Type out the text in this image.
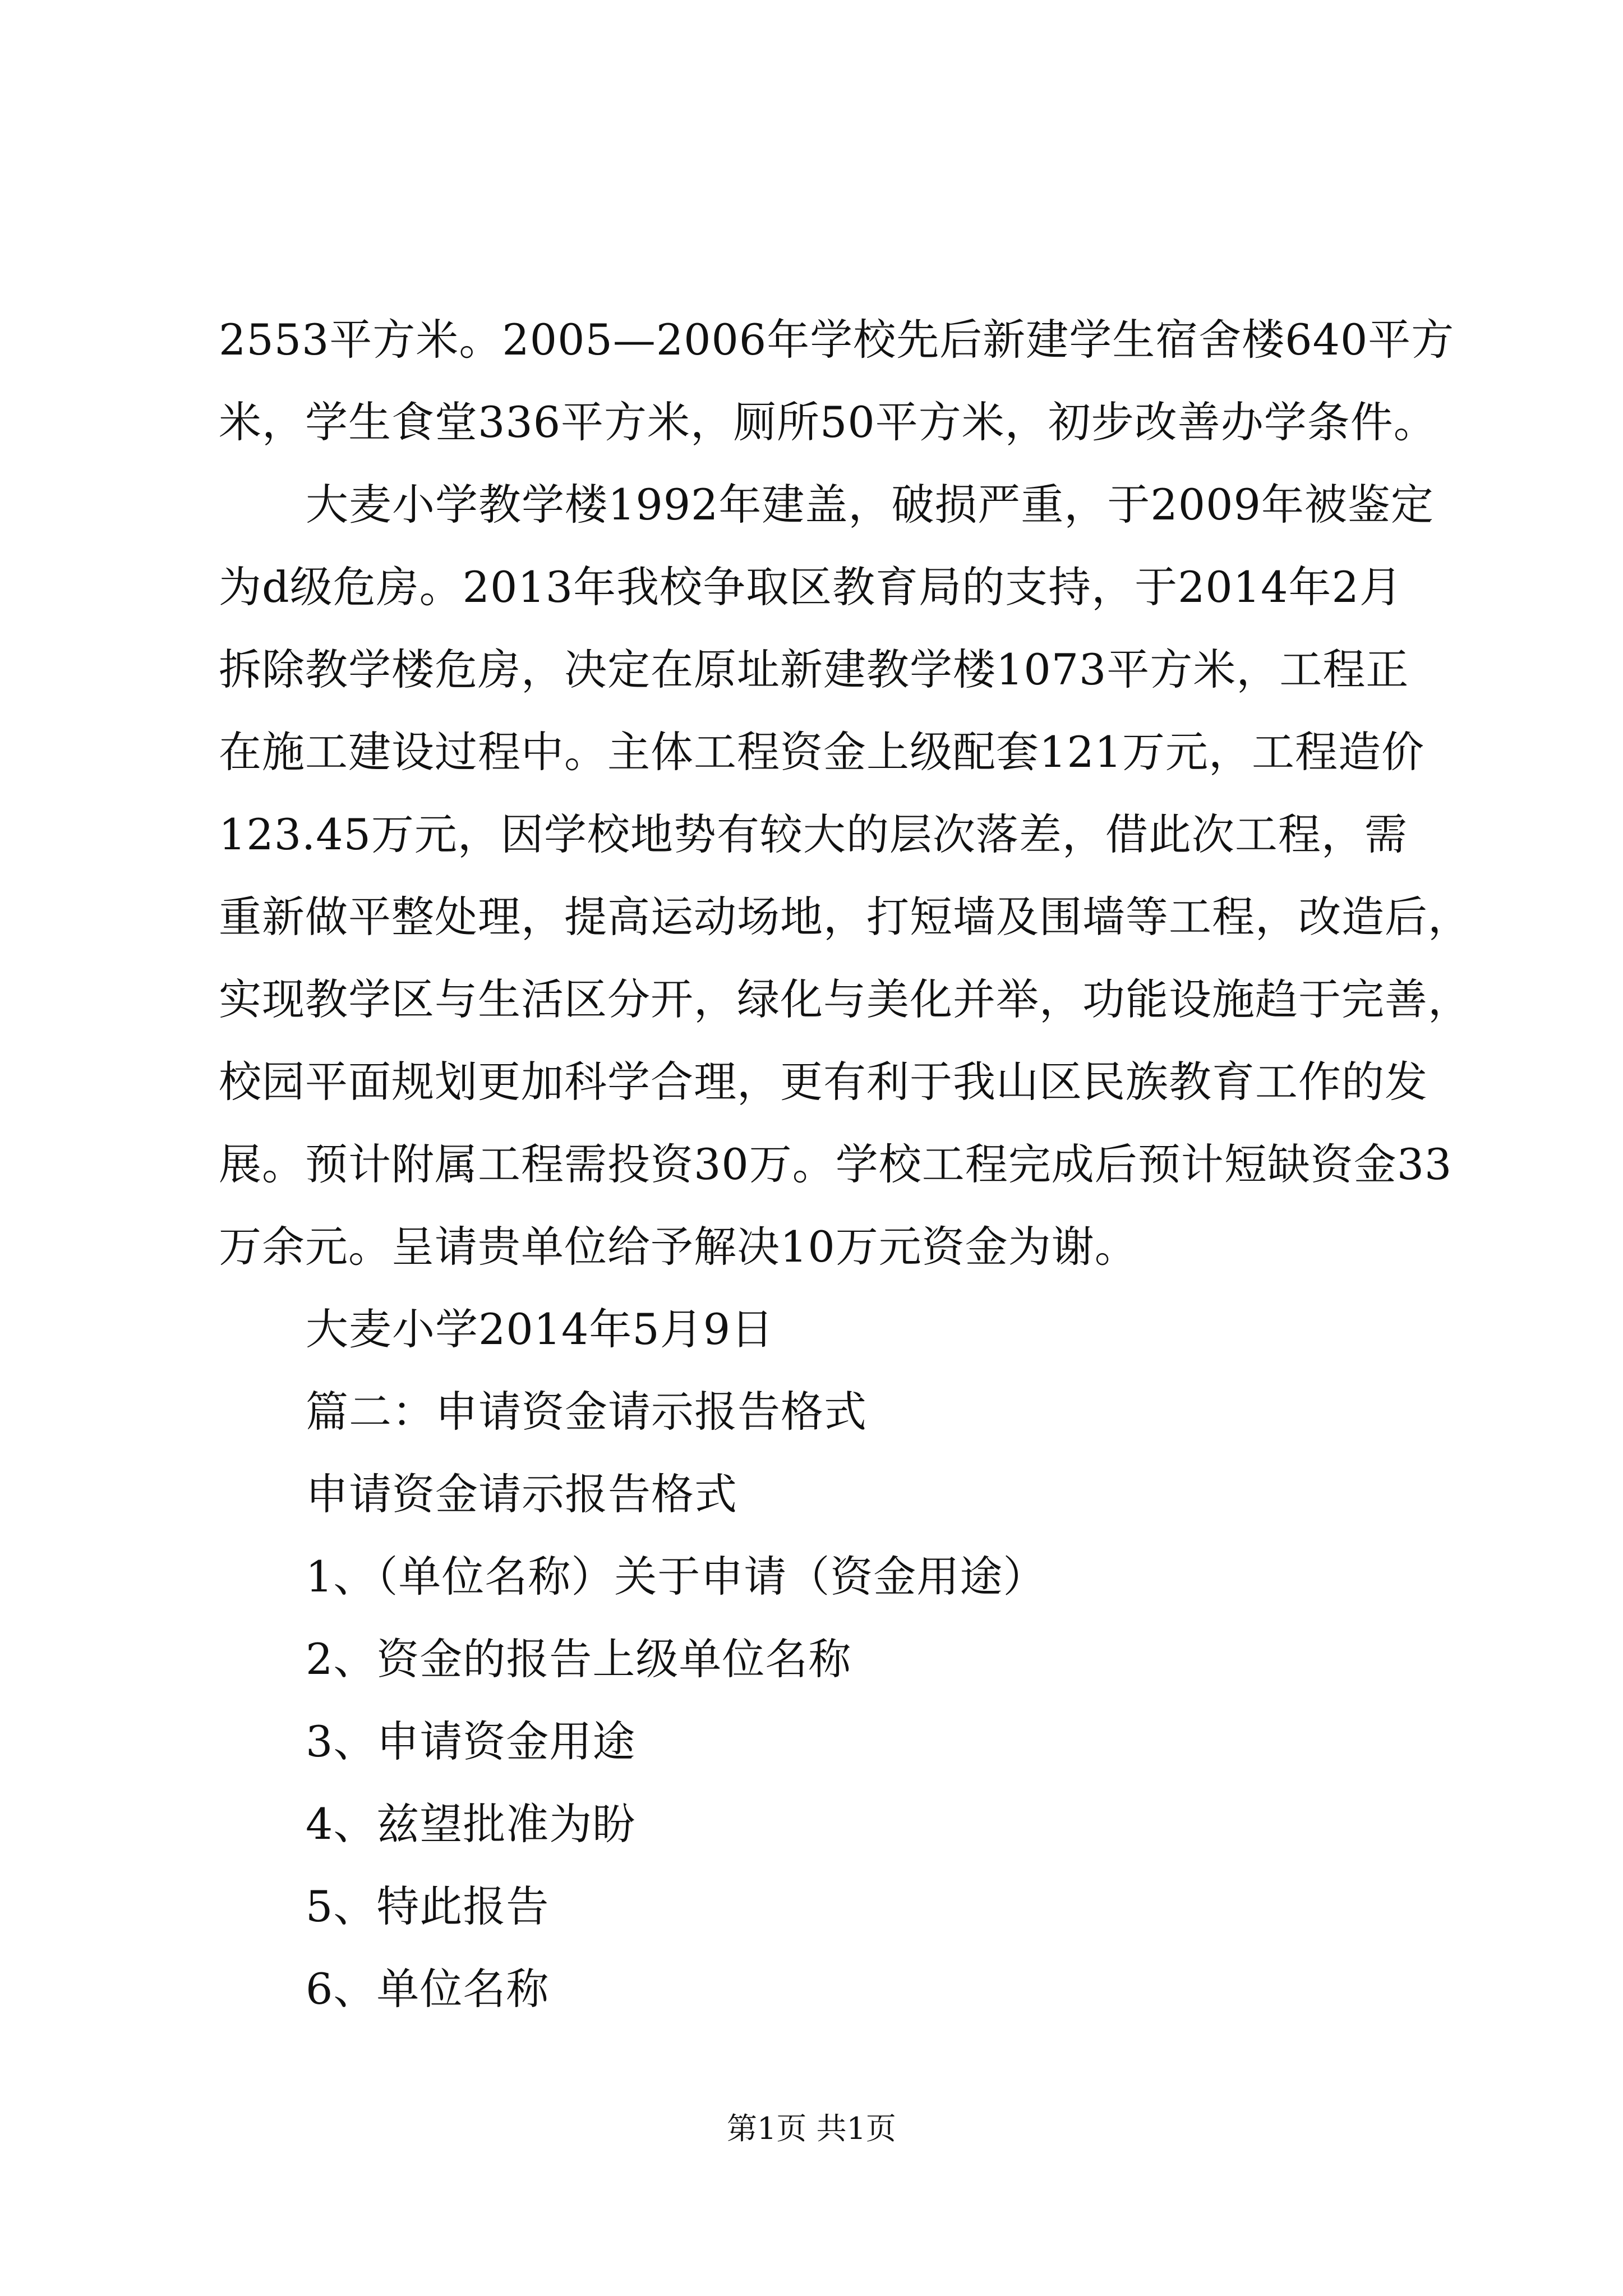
2553平方米。2005—2006年学校先后新建学生宿舍楼640平方
米，学生食堂336平方米，厕所50平方米，初步改善办学条件。
大麦小学教学楼1992年建盖，破损严重，于2009年被鉴定
为d级危房。2013年我校争取区教育局的支持，于2014年2月
拆除教学楼危房，决定在原址新建教学楼1073平方米，工程正
在施工建设过程中。主体工程资金上级配套121万元，工程造价
123.45万元，因学校地势有较大的层次落差，借此次工程，需
重新做平整处理，提高运动场地，打短墙及围墙等工程，改造后，
实现教学区与生活区分开，绿化与美化并举，功能设施趋于完善，
校园平面规划更加科学合理，更有利于我山区民族教育工作的发
展。预计附属工程需投资30万。学校工程完成后预计短缺资金33
万余元。呈请贵单位给予解决10万元资金为谢。
大麦小学2014年5月9日
篇二：申请资金请示报告格式
申请资金请示报告格式
1、（单位名称）关于申请（资金用途）
2、资金的报告上级单位名称
3、申请资金用途
4、兹望批准为盼
5、特此报告
6、单位名称
第1页 共1页
